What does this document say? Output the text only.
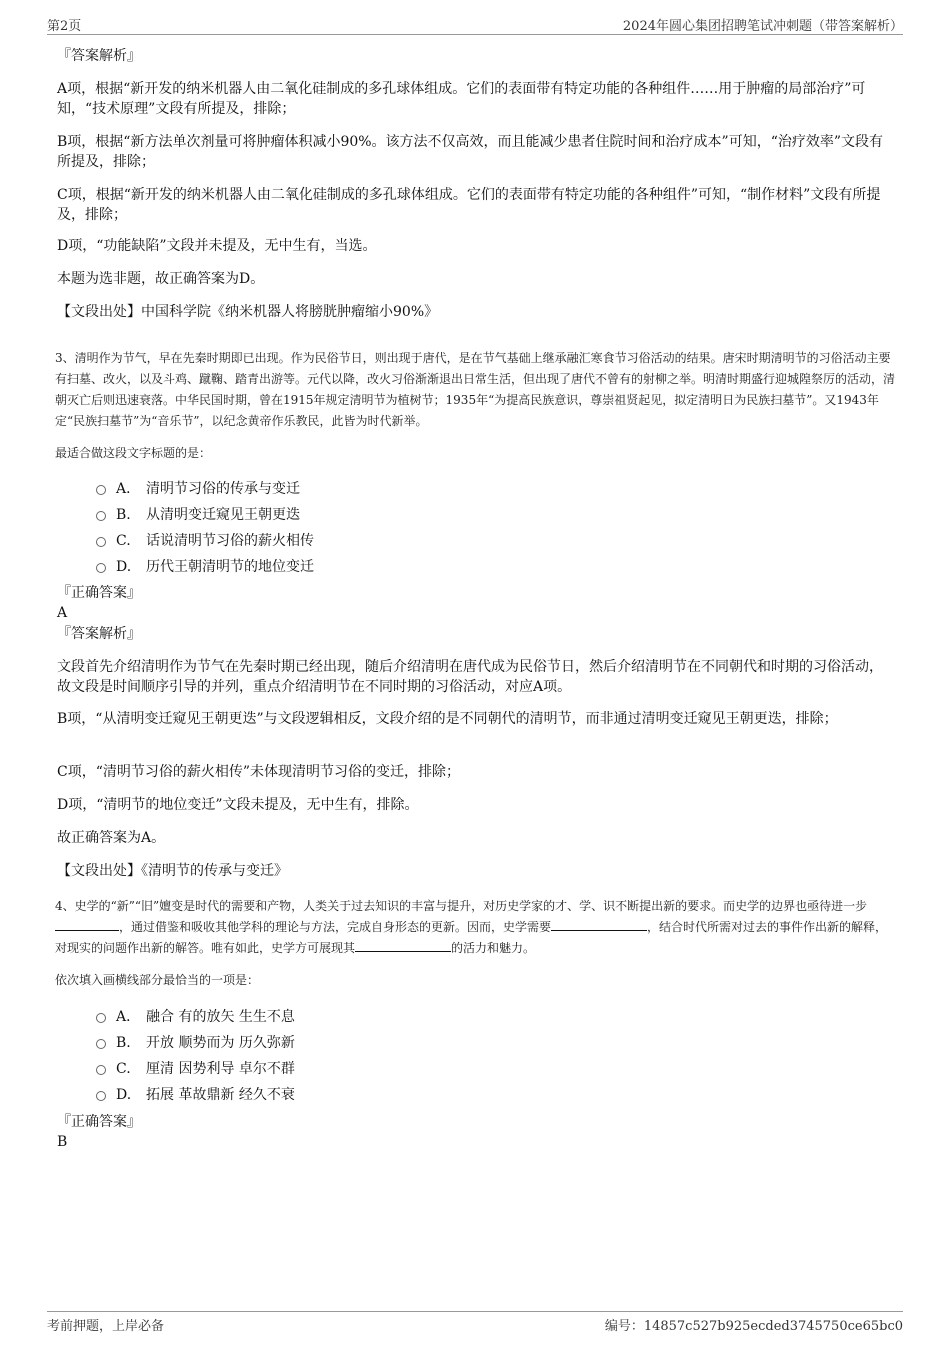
第2页	2024年圆心集团招聘笔试冲刺题（带答案解析）
『答案解析』
A项，根据“新开发的纳米机器人由二氧化硅制成的多孔球体组成。它们的表面带有特定功能的各种组件……用于肿瘤的局部治疗”可知，“技术原理”文段有所提及，排除；
B项，根据“新方法单次剂量可将肿瘤体积减小90%。该方法不仅高效，而且能减少患者住院时间和治疗成本”可知，“治疗效率”文段有所提及，排除；
C项，根据“新开发的纳米机器人由二氧化硅制成的多孔球体组成。它们的表面带有特定功能的各种组件”可知，“制作材料”文段有所提及，排除；
D项，“功能缺陷”文段并未提及，无中生有，当选。
本题为选非题，故正确答案为D。
【文段出处】中国科学院《纳米机器人将膀胱肿瘤缩小90%》
3、清明作为节气，早在先秦时期即已出现。作为民俗节日，则出现于唐代，是在节气基础上继承融汇寒食节习俗活动的结果。唐宋时期清明节的习俗活动主要有扫墓、改火，以及斗鸡、蹴鞠、踏青出游等。元代以降，改火习俗渐渐退出日常生活，但出现了唐代不曾有的射柳之举。明清时期盛行迎城隍祭厉的活动，清朝灭亡后则迅速衰落。中华民国时期，曾在1915年规定清明节为植树节；1935年“为提高民族意识，尊崇祖贤起见，拟定清明日为民族扫墓节”。又1943年定“民族扫墓节”为“音乐节”，以纪念黄帝作乐教民，此皆为时代新举。
最适合做这段文字标题的是：
A． 清明节习俗的传承与变迁
B. 从清明变迁窥见王朝更迭
C. 话说清明节习俗的薪火相传
D. 历代王朝清明节的地位变迁
『正确答案』
A
『答案解析』
文段首先介绍清明作为节气在先秦时期已经出现，随后介绍清明在唐代成为民俗节日，然后介绍清明节在不同朝代和时期的习俗活动，故文段是时间顺序引导的并列，重点介绍清明节在不同时期的习俗活动，对应A项。
B项，“从清明变迁窥见王朝更迭”与文段逻辑相反，文段介绍的是不同朝代的清明节，而非通过清明变迁窥见王朝更迭，排除；
C项，“清明节习俗的薪火相传”未体现清明节习俗的变迁，排除；
D项，“清明节的地位变迁”文段未提及，无中生有，排除。
故正确答案为A。
【文段出处】《清明节的传承与变迁》
4、史学的“新”“旧”嬗变是时代的需要和产物，人类关于过去知识的丰富与提升，对历史学家的才、学、识不断提出新的要求。而史学的边界也亟待进一步，通过借鉴和吸收其他学科的理论与方法，完成自身形态的更新。因而，史学需要	，结合时代所需对过去的事件作出新的解释，对现实的问题作出新的解答。唯有如此，史学方可展现其	的活力和魅力。
依次填入画横线部分最恰当的一项是：
A． 融合 有的放矢 生生不息
B. 开放 顺势而为 历久弥新
C. 厘清 因势利导 卓尔不群
D. 拓展 革故鼎新 经久不衰
『正确答案』
B
考前押题，上岸必备	编号：14857c527b925ecded3745750ce65bc0
